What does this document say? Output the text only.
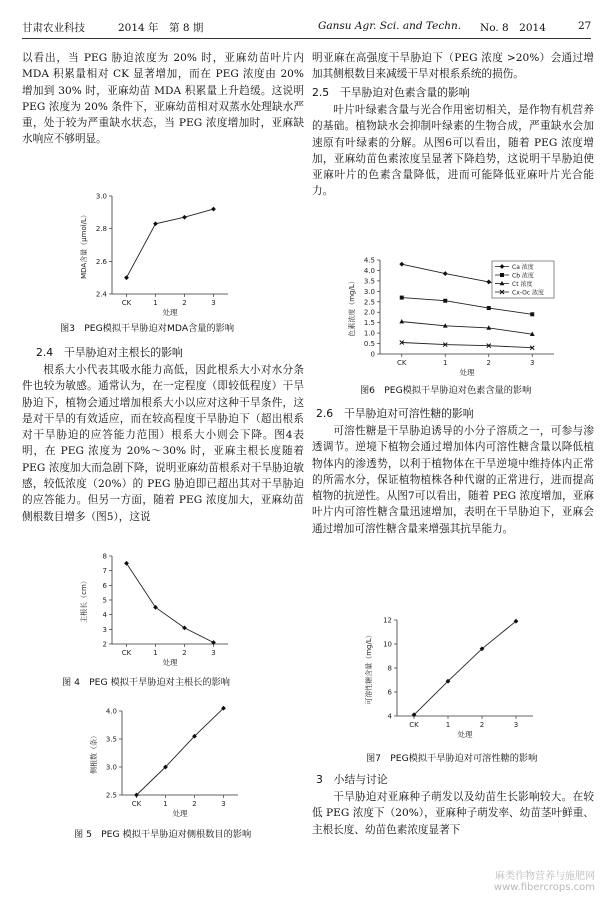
甘肃农业科技	2014 年　第 8 期	Gansu Agr. Sci. and Techn. No. 8　2014	27

以看出，当 PEG 胁迫浓度为 20% 时，亚麻幼苗叶片内 MDA 积累量相对 CK 显著增加，而在 PEG 浓度由 20% 增加到 30% 时，亚麻幼苗 MDA 积累量上升趋缓。这说明 PEG 浓度为 20% 条件下，亚麻幼苗相对双蒸水处理缺水严重，处于较为严重缺水状态，当 PEG 浓度增加时，亚麻缺水响应不够明显。

2.4
2.6
2.8
3.0
CK	1	2	3
处理
MDA含量（μmol/L）
图3　PEG模拟干旱胁迫对MDA含量的影响
2.4　干旱胁迫对主根长的影响

根系大小代表其吸水能力高低，因此根系大小对水分条件也较为敏感。通常认为，在一定程度（即较低程度）干旱胁迫下，植物会通过增加根系大小以应对这种干旱条件，这是对干旱的有效适应，而在较高程度干旱胁迫下（超出根系对干旱胁迫的应答能力范围）根系大小则会下降。图4表明，在 PEG 浓度为 20%～30% 时，亚麻主根长度随着 PEG 浓度加大而急剧下降，说明亚麻幼苗根系对干旱胁迫敏感，较低浓度（20%）的 PEG 胁迫即已超出其对干旱胁迫的应答能力。但另一方面，随着 PEG 浓度加大，亚麻幼苗侧根数目增多（图5），这说

2
3
4
5
6
7
8
CK	1	2	3
处理
主根长（cm）
图 4　PEG 模拟干旱胁迫对主根长的影响
2.5
3.0
3.5
4.0
CK	1	2	3
处理
侧根数（条）
图 5　PEG 模拟干旱胁迫对侧根数目的影响

明亚麻在高强度干旱胁迫下（PEG 浓度 >20%）会通过增加其侧根数目来减缓干旱对根系系统的损伤。

2.5　干旱胁迫对色素含量的影响

叶片叶绿素含量与光合作用密切相关，是作物有机营养的基础。植物缺水会抑制叶绿素的生物合成，严重缺水会加速原有叶绿素的分解。从图6可以看出，随着 PEG 浓度增加，亚麻幼苗色素浓度呈显著下降趋势，这说明干旱胁迫使亚麻叶片的色素含量降低，进而可能降低亚麻叶片光合能力。

0
0.5
1.0
1.5
2.0
2.5
3.0
3.5
4.0
4.5
CK	1	2	3
处理
色素浓度（mg/L）
Ca 浓度
Cb 浓度
Ct 浓度
Cx-Oc 浓度
图6　PEG模拟干旱胁迫对色素含量的影响
2.6　干旱胁迫对可溶性糖的影响

可溶性糖是干旱胁迫诱导的小分子溶质之一，可参与渗透调节。逆境下植物会通过增加体内可溶性糖含量以降低植物体内的渗透势，以利于植物体在干旱逆境中维持体内正常的所需水分，保证植物植株各种代谢的正常进行，进而提高植物的抗逆性。从图7可以看出，随着 PEG 浓度增加，亚麻叶片内可溶性糖含量迅速增加，表明在干旱胁迫下，亚麻会通过增加可溶性糖含量来增强其抗旱能力。

4
6
8
10
12
CK	1	2	3
处理
可溶性糖含量（mg/L）
图7　PEG模拟干旱胁迫对可溶性糖的影响
3　小结与讨论

干旱胁迫对亚麻种子萌发以及幼苗生长影响较大。在较低 PEG 浓度下（20%），亚麻种子萌发率、幼苗茎叶鲜重、主根长度、幼苗色素浓度显著下

麻类作物营养与施肥网
www.fibercrops.com
